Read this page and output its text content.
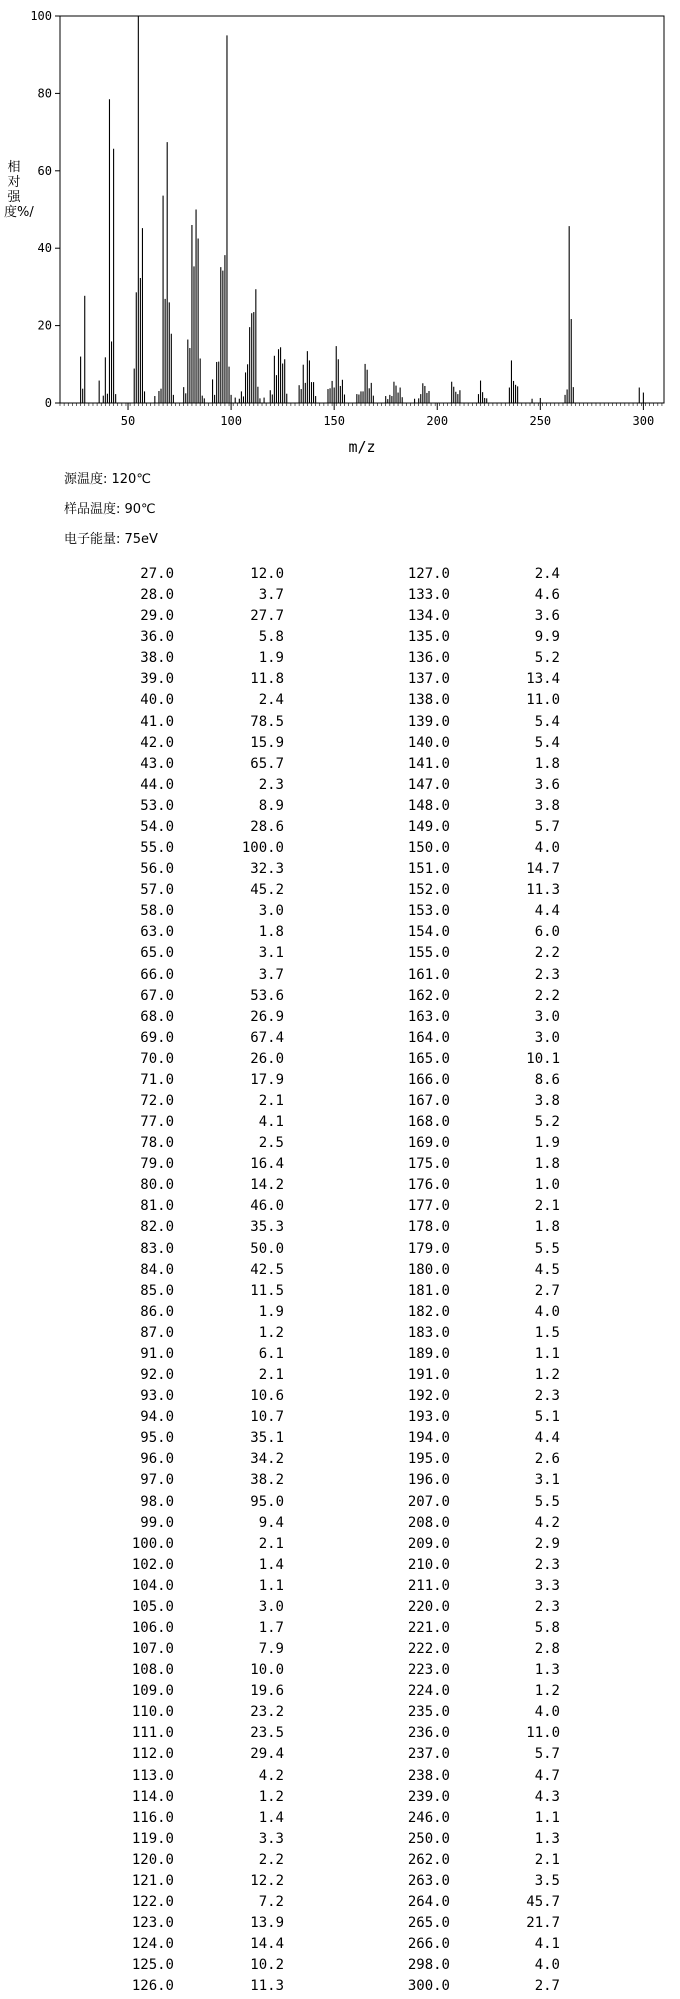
0
20
40
60
80
100
50	100	150	200	250	300
m/z
相对强度%/
源温度: 120℃
样品温度: 90℃
电子能量: 75eV
27.0	12.0	127.0	2.4
28.0	3.7	133.0	4.6
29.0	27.7	134.0	3.6
36.0	5.8	135.0	9.9
38.0	1.9	136.0	5.2
39.0	11.8	137.0	13.4
40.0	2.4	138.0	11.0
41.0	78.5	139.0	5.4
42.0	15.9	140.0	5.4
43.0	65.7	141.0	1.8
44.0	2.3	147.0	3.6
53.0	8.9	148.0	3.8
54.0	28.6	149.0	5.7
55.0	100.0	150.0	4.0
56.0	32.3	151.0	14.7
57.0	45.2	152.0	11.3
58.0	3.0	153.0	4.4
63.0	1.8	154.0	6.0
65.0	3.1	155.0	2.2
66.0	3.7	161.0	2.3
67.0	53.6	162.0	2.2
68.0	26.9	163.0	3.0
69.0	67.4	164.0	3.0
70.0	26.0	165.0	10.1
71.0	17.9	166.0	8.6
72.0	2.1	167.0	3.8
77.0	4.1	168.0	5.2
78.0	2.5	169.0	1.9
79.0	16.4	175.0	1.8
80.0	14.2	176.0	1.0
81.0	46.0	177.0	2.1
82.0	35.3	178.0	1.8
83.0	50.0	179.0	5.5
84.0	42.5	180.0	4.5
85.0	11.5	181.0	2.7
86.0	1.9	182.0	4.0
87.0	1.2	183.0	1.5
91.0	6.1	189.0	1.1
92.0	2.1	191.0	1.2
93.0	10.6	192.0	2.3
94.0	10.7	193.0	5.1
95.0	35.1	194.0	4.4
96.0	34.2	195.0	2.6
97.0	38.2	196.0	3.1
98.0	95.0	207.0	5.5
99.0	9.4	208.0	4.2
100.0	2.1	209.0	2.9
102.0	1.4	210.0	2.3
104.0	1.1	211.0	3.3
105.0	3.0	220.0	2.3
106.0	1.7	221.0	5.8
107.0	7.9	222.0	2.8
108.0	10.0	223.0	1.3
109.0	19.6	224.0	1.2
110.0	23.2	235.0	4.0
111.0	23.5	236.0	11.0
112.0	29.4	237.0	5.7
113.0	4.2	238.0	4.7
114.0	1.2	239.0	4.3
116.0	1.4	246.0	1.1
119.0	3.3	250.0	1.3
120.0	2.2	262.0	2.1
121.0	12.2	263.0	3.5
122.0	7.2	264.0	45.7
123.0	13.9	265.0	21.7
124.0	14.4	266.0	4.1
125.0	10.2	298.0	4.0
126.0	11.3	300.0	2.7
